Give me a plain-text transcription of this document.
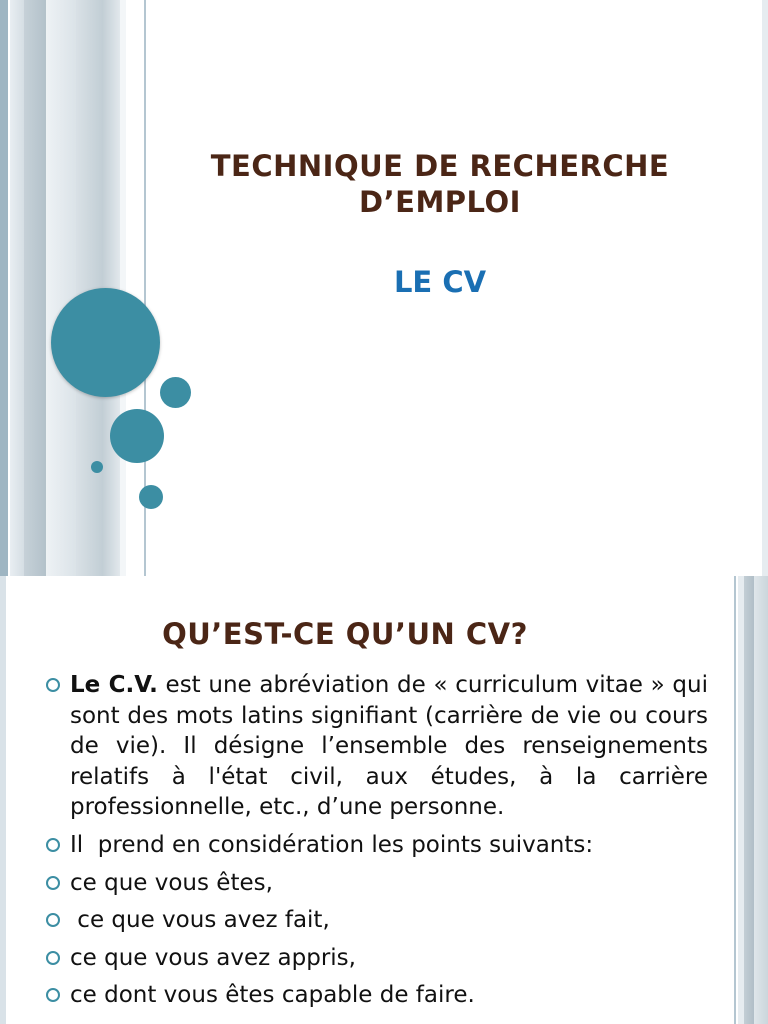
TECHNIQUE DE RECHERCHE
D’EMPLOI
LE CV
QU’EST-CE QU’UN CV?
Le C.V. est une abréviation de « curriculum vitae » qui sont des mots latins signifiant (carrière de vie ou cours de vie). Il désigne l’ensemble des renseignements relatifs à l'état civil, aux études, à la carrière professionnelle, etc., d’une personne.
Il  prend en considération les points suivants:
ce que vous êtes,
ce que vous avez fait,
ce que vous avez appris,
ce dont vous êtes capable de faire.
